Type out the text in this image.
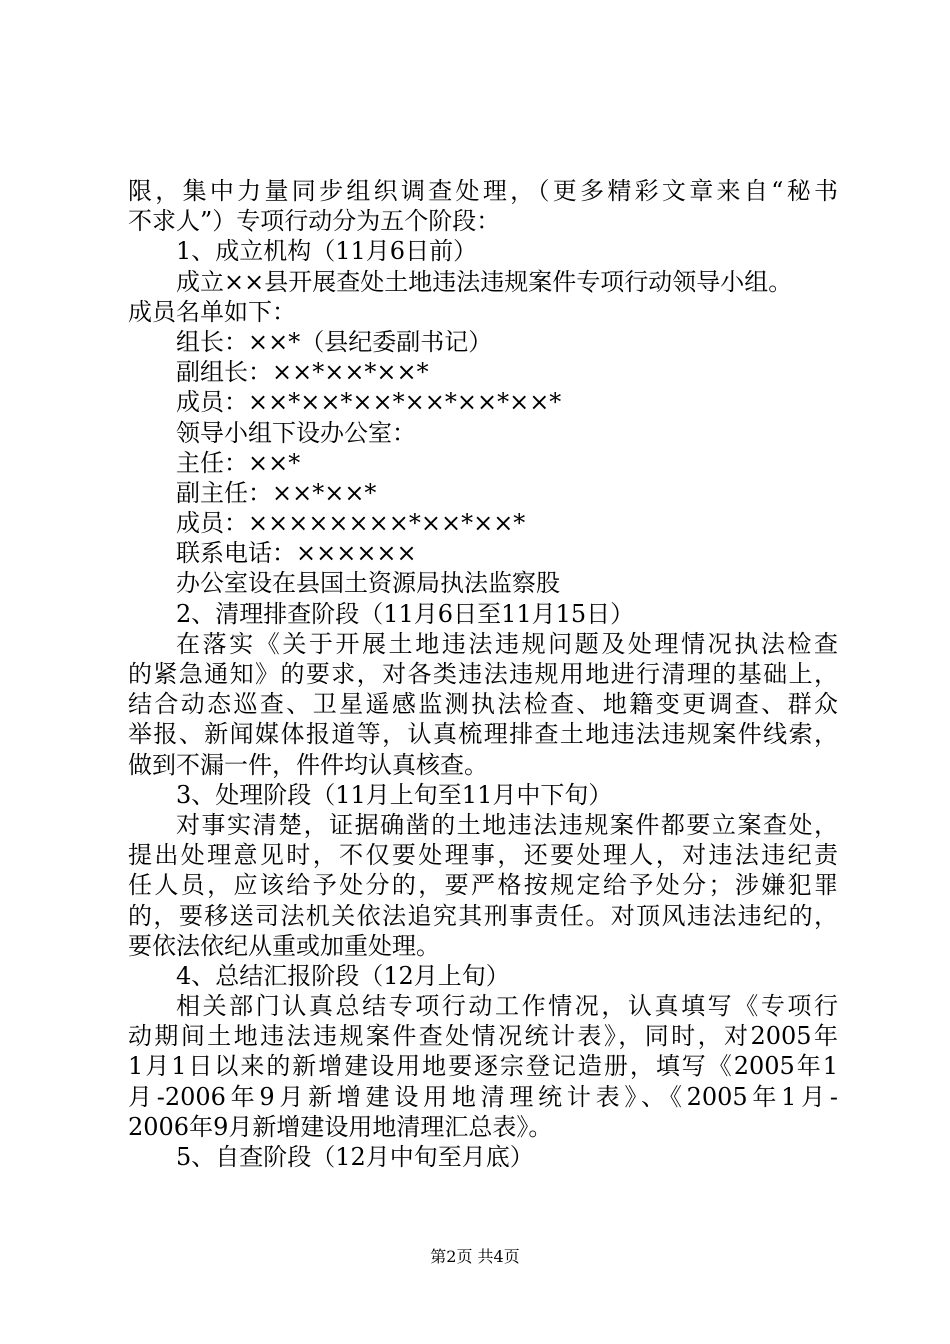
限，集中力量同步组织调查处理，（更多精彩文章来自“秘书
不求人”）专项行动分为五个阶段：
1、成立机构（11月6日前）
成立××县开展查处土地违法违规案件专项行动领导小组。
成员名单如下：
组长：××*（县纪委副书记）
副组长：××*××*××*
成员：××*××*××*××*××*××*
领导小组下设办公室：
主任：××*
副主任：××*××*
成员：××××××××*××*××*
联系电话：××××××
办公室设在县国土资源局执法监察股
2、清理排查阶段（11月6日至11月15日）
在落实《关于开展土地违法违规问题及处理情况执法检查
的紧急通知》的要求，对各类违法违规用地进行清理的基础上，
结合动态巡查、卫星遥感监测执法检查、地籍变更调查、群众
举报、新闻媒体报道等，认真梳理排查土地违法违规案件线索，
做到不漏一件，件件均认真核查。
3、处理阶段（11月上旬至11月中下旬）
对事实清楚，证据确凿的土地违法违规案件都要立案查处，
提出处理意见时，不仅要处理事，还要处理人，对违法违纪责
任人员，应该给予处分的，要严格按规定给予处分；涉嫌犯罪
的，要移送司法机关依法追究其刑事责任。对顶风违法违纪的，
要依法依纪从重或加重处理。
4、总结汇报阶段（12月上旬）
相关部门认真总结专项行动工作情况，认真填写《专项行
动期间土地违法违规案件查处情况统计表》，同时，对2005年
1月1日以来的新增建设用地要逐宗登记造册，填写《2005年1
月-2006年9月新增建设用地清理统计表》、《2005年1月-
2006年9月新增建设用地清理汇总表》。
5、自查阶段（12月中旬至月底）
第2页 共4页
